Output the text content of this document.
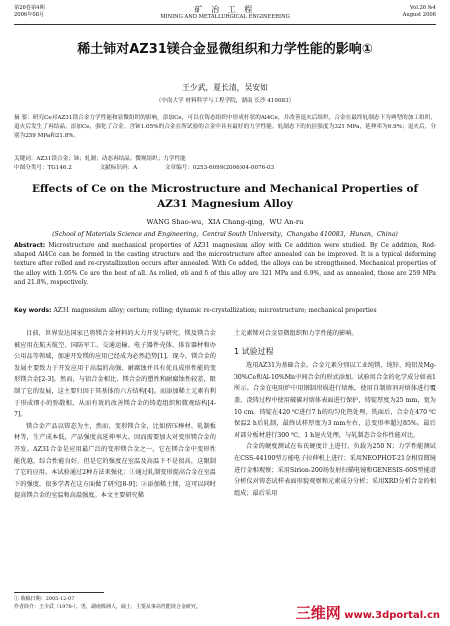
第26卷第4期
2006年08月
矿 冶 工 程
MINING AND METALLURGICAL ENGINEERING
Vol.26 №4
August 2006
稀土铈对AZ31镁合金显微组织和力学性能的影响①
王少武，夏长清，吴安如
（中南大学 材料科学与工程学院，湖南 长沙 410083）
摘 要：研究Ce对AZ31镁合金力学性能和显微组织的影响。添加Ce，可以在铸态组织中形成杆状的Al4Ce，并改善退火后组织。合金在最终轧制态下为典型的加工组织，退火后发生了再结晶。添加Ce，强化了合金。含铈1.05%的合金在所试验的合金中具有最好的力学性能。轧制态下的抗拉强度为321 MPa，延伸率为6.9%；退火后，分别为259 MPa和21.8%。
关键词：AZ31镁合金；铈；轧制；动态再结晶；微观组织；力学性能
中图分类号：TG146.2	文献标识码：A	文章编号：0253-6099(2006)04-0076-03
Effects of Ce on the Microstructure and Mechanical Properties of AZ31 Magnesium Alloy
WANG Shao-wu，XIA Chang-qing，WU An-ru
(School of Materials Science and Engineering，Central South University，Changsha 410083，Hunan，China)
Abstract: Microstructure and mechanical properties of AZ31 magnesium alloy with Ce addition were studied. By Ce addition, Rod-shaped Al4Ce can be formed in the casting structure and the microstructure after annealed can be improved. It is a typical deforming texture after rolled and re-crystallization occurs after annealed. With Ce added, the alloys can be strengthened. Mechanical properties of the alloy with 1.05% Ce are the best of all. As rolled, σb and δ of this alloy are 321 MPa and 6.9%, and as annealed, those are 259 MPa and 21.8%, respectively.
Key words: AZ31 magnesium alloy; cerium; rolling; dynamic re-crystallization; microstructure; mechanical properties

目前，世界发达国家已将镁合金材料的大力开发与研究，镁及镁合金被应用在航天航空、国防军工、交通运输、电子器件壳体、体育器材和办公用品等领域，加速开发镁的应用已经成为必然趋势[1]。现今，镁合金的发展主要致力于开发应用于高温的高强、耐腐蚀并具有优良成形性能的变形镁合金[2-3]。然而，与铝合金相比，镁合金的塑性和耐腐蚀性较差，限制了它的发展，这主要归因于其基体的六方结构[4]。而添加稀土元素有利于形成细小的弥散相，从而有效的改善镁合金的铸造组织和微观结构[4-7]。

镁合金产品以铸态为主，然而，变形镁合金，比如挤压棒材、轧制板材等，生产成本低，产品强度高延伸率大。因而需要加大对变形镁合金的开发。AZ31合金是应用最广泛的变形镁合金之一，它在镁合金中变形性能优越，综合性能良好。但是它的强度在室温及高温下不是很高，这限制了它的应用。本试验通过2种方法来强化：①通过轧制变形提高合金在室温下的强度，很多学者在这方面做了研究[8-9]；②添加稀土铈，这可以同时提高镁合金的室温和高温强度。本文主要研究稀

土元素铈对合金显微组织和力学性能的影响。

1 试验过程

选用AZ31为基础合金。合金元素分别以工业纯镁、纯锌、纯铝及Mg-30%Ce和Al-10%Mn中间合金的形式添加。试验用合金的化学成分如表1所示。合金在电阻炉中用钢制坩埚进行熔炼，使用自制熔剂对熔体进行覆盖，浇铸过程中使用破碳对熔体表面进行保护，铸锭厚度为25 mm，宽为10 cm。铸锭在420 ℃进行7 h的均匀化热处理。铣面后，合金在470 ℃保温2 h后轧制，最终试样厚度为3 mm左右，总变形率超过85%。最后对部分板材进行300 ℃，1 h退火处理，与轧制态合金作性能对比。

合金的硬度测试在布氏硬度计上进行，负载为250 N；力学性能测试在CSS-44100型万能电子拉伸机上进行；采用NEOPHOT-21金相显微镜进行金相观察；采用Sirion-200场发射扫描电镜和GENESIS-60S型能谱分析仪对铸态试样表面形貌观察和元素成分分析；采用XRD分析合金的相组成；最后采用

① 收稿日期：2005-12-07
作者简介：王少武（1978-），男，湖南株洲人，硕士，主要从事高性能镁合金研究。	三维网 www.3dportal.cn
